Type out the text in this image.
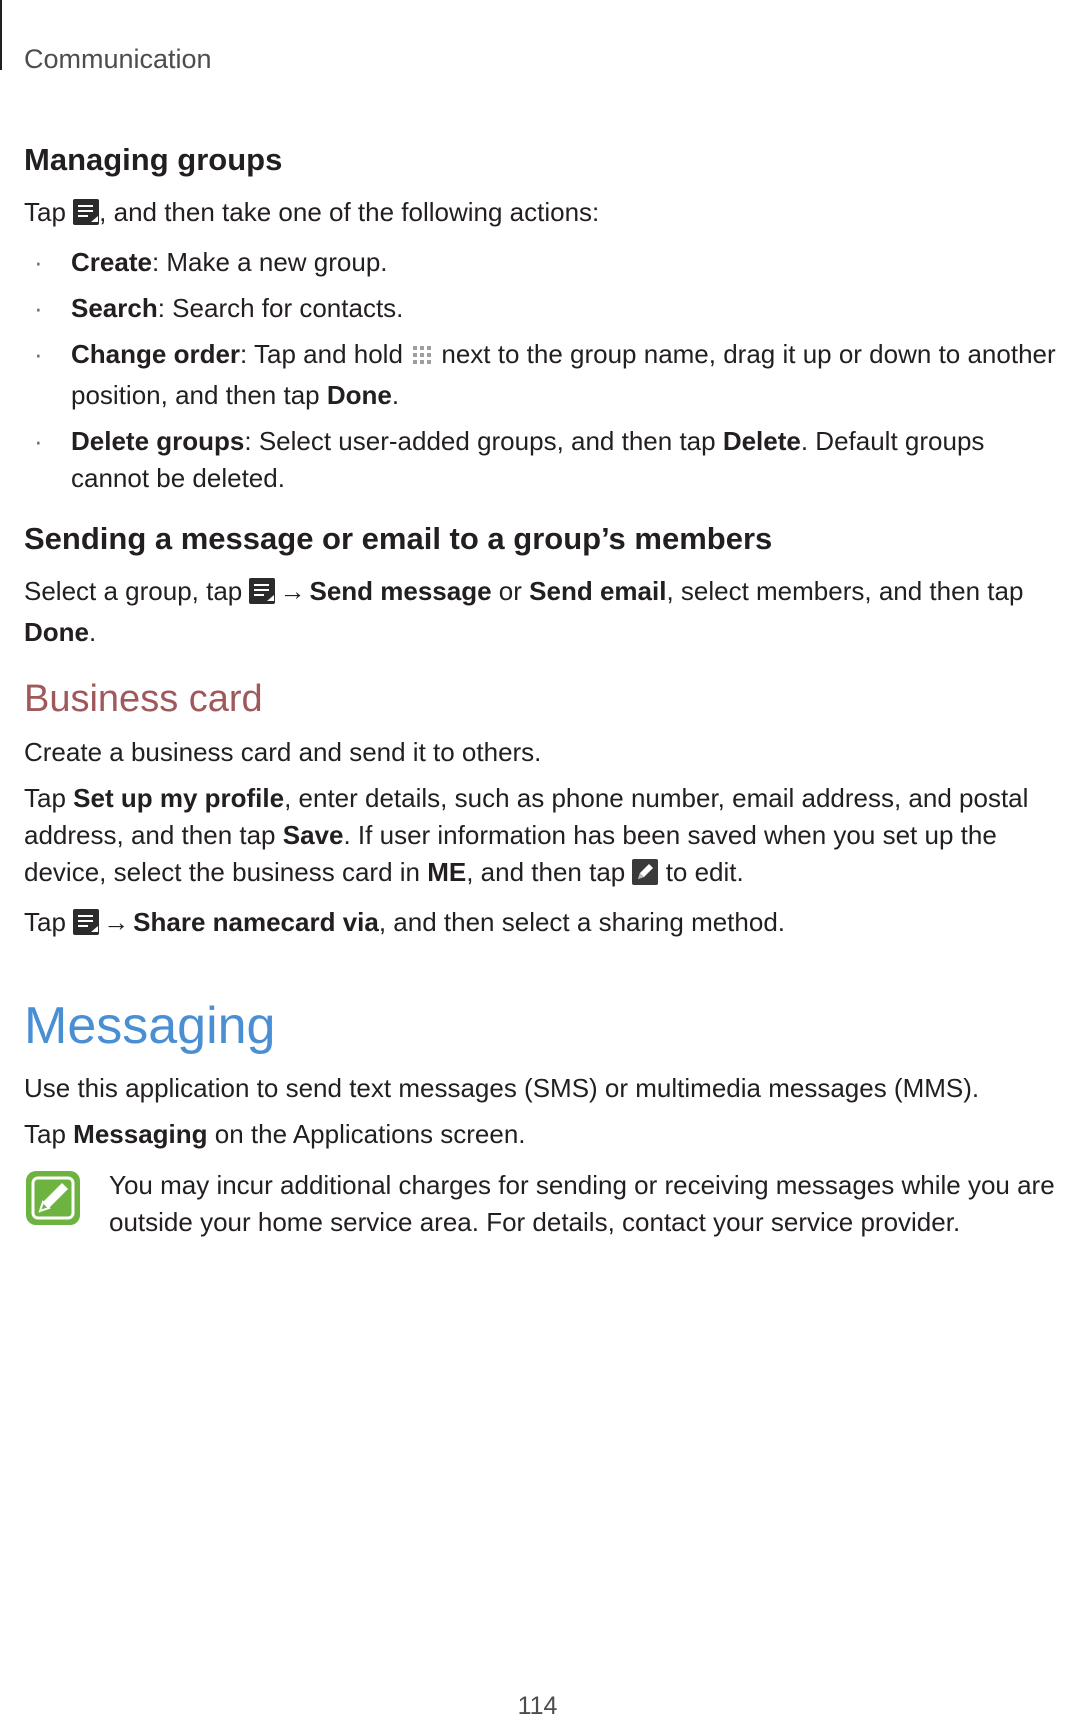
Communication
Managing groups

Tap , and then take one of the following actions:

· Create: Make a new group.
· Search: Search for contacts.
· Change order: Tap and hold  next to the group name, drag it up or down to another position, and then tap Done.
· Delete groups: Select user-added groups, and then tap Delete. Default groups cannot be deleted.
Sending a message or email to a group’s members

Select a group, tap → Send message or Send email, select members, and then tap Done.

Business card

Create a business card and send it to others.

Tap Set up my profile, enter details, such as phone number, email address, and postal address, and then tap Save. If user information has been saved when you set up the device, select the business card in ME, and then tap  to edit.

Tap → Share namecard via, and then select a sharing method.

Messaging

Use this application to send text messages (SMS) or multimedia messages (MMS).

Tap Messaging on the Applications screen.

You may incur additional charges for sending or receiving messages while you are outside your home service area. For details, contact your service provider.

114
